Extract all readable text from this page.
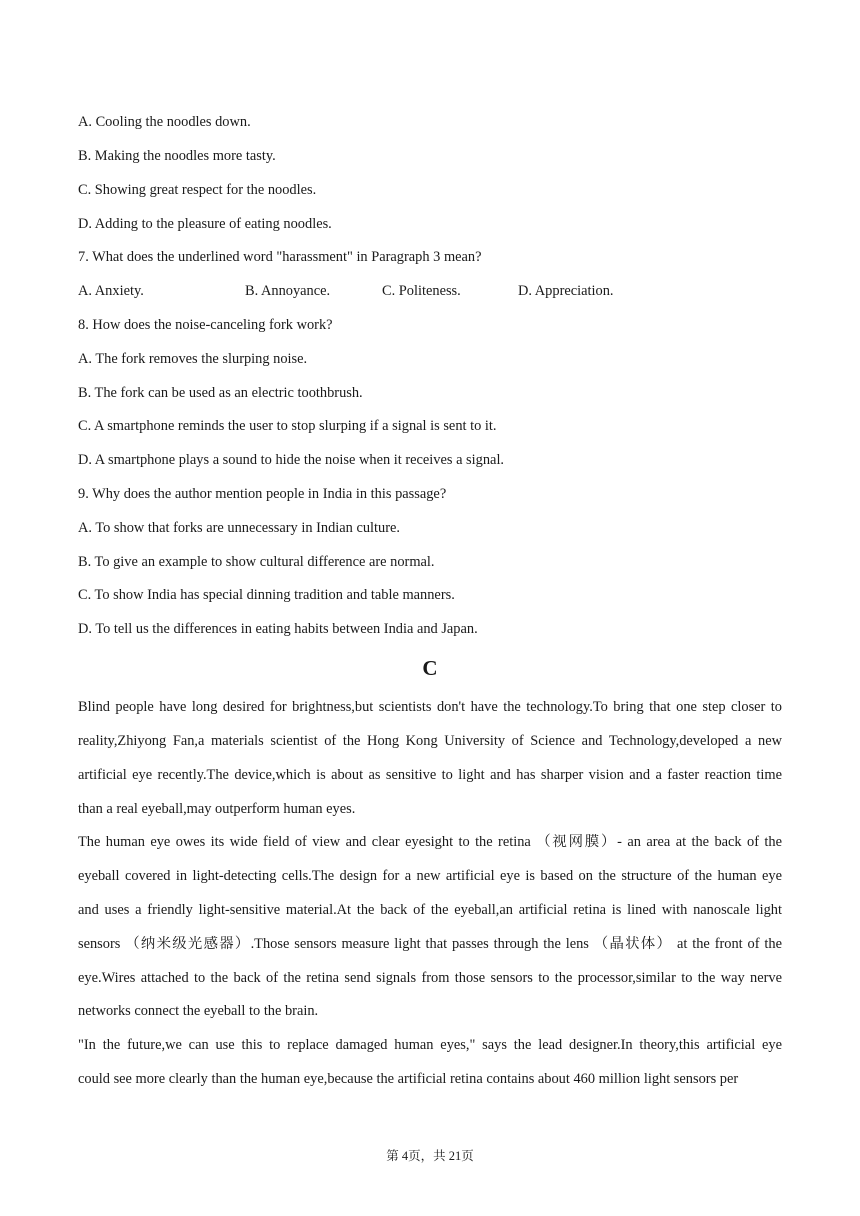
A. Cooling the noodles down.
B. Making the noodles more tasty.
C. Showing great respect for the noodles.
D. Adding to the pleasure of eating noodles.
7. What does the underlined word "harassment" in Paragraph 3 mean?
A. Anxiety.	B. Annoyance.	C. Politeness.	D. Appreciation.
8. How does the noise-canceling fork work?
A. The fork removes the slurping noise.
B. The fork can be used as an electric toothbrush.
C. A smartphone reminds the user to stop slurping if a signal is sent to it.
D. A smartphone plays a sound to hide the noise when it receives a signal.
9. Why does the author mention people in India in this passage?
A. To show that forks are unnecessary in Indian culture.
B. To give an example to show cultural difference are normal.
C. To show India has special dinning tradition and table manners.
D. To tell us the differences in eating habits between India and Japan.
C
Blind people have long desired for brightness,but scientists don't have the technology.To bring that one step closer to
reality,Zhiyong Fan,a materials scientist of the Hong Kong University of Science and Technology,developed a new
artificial eye recently.The device,which is about as sensitive to light and has sharper vision and a faster reaction time
than a real eyeball,may outperform human eyes.
The human eye owes its wide field of view and clear eyesight to the retina （视网膜）- an area at the back of the
eyeball covered in light-detecting cells.The design for a new artificial eye is based on the structure of the human eye
and uses a friendly light-sensitive material.At the back of the eyeball,an artificial retina is lined with nanoscale light
sensors （纳米级光感器）.Those sensors measure light that passes through the lens （晶状体） at the front of the
eye.Wires attached to the back of the retina send signals from those sensors to the processor,similar to the way nerve
networks connect the eyeball to the brain.
"In the future,we can use this to replace damaged human eyes," says the lead designer.In theory,this artificial eye
could see more clearly than the human eye,because the artificial retina contains about 460 million light sensors per
第 4页，共 21页
